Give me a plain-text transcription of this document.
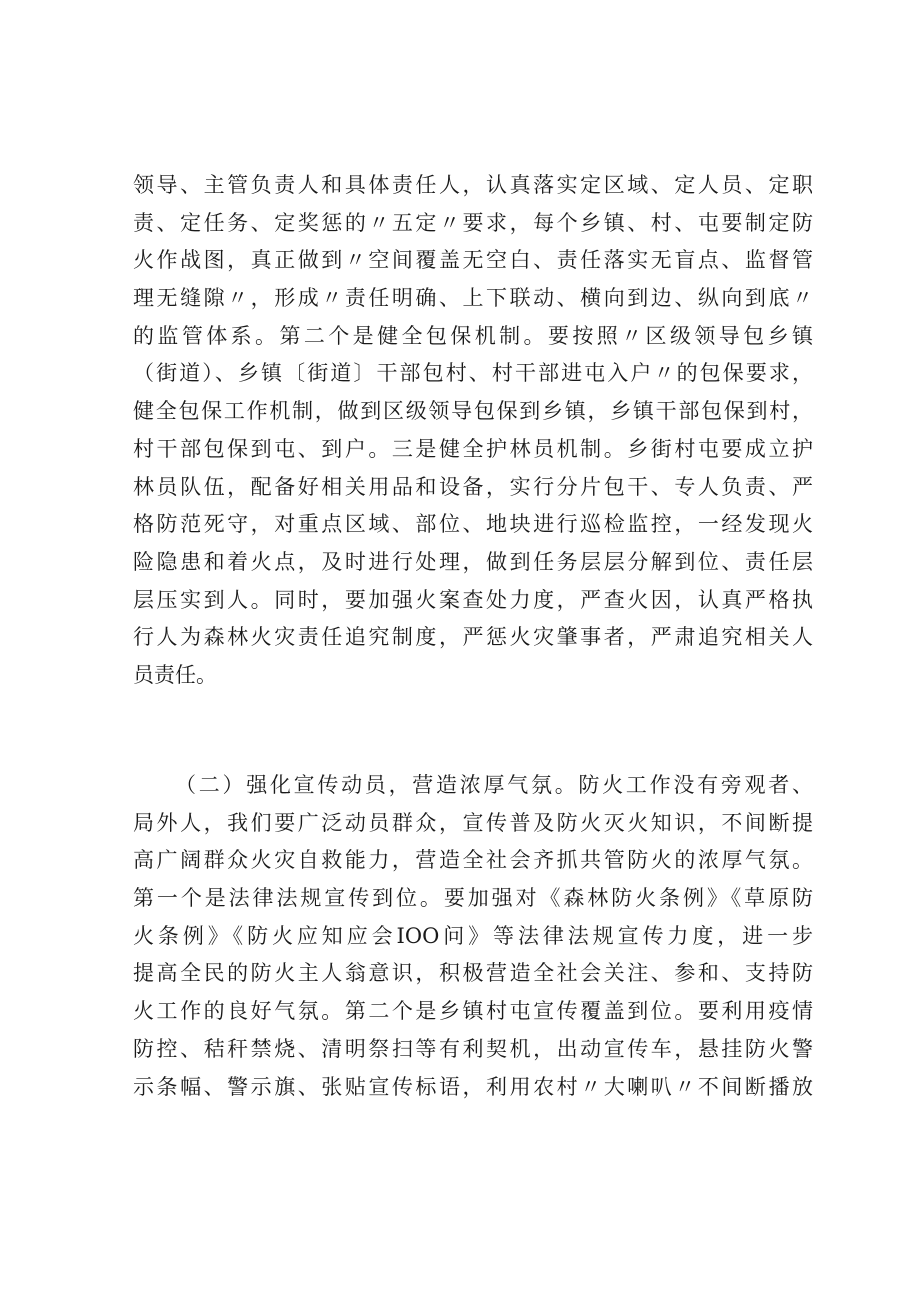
领导、主管负责人和具体责任人，认真落实定区域、定人员、定职
责、定任务、定奖惩的〃五定〃要求，每个乡镇、村、屯要制定防
火作战图，真正做到〃空间覆盖无空白、责任落实无盲点、监督管
理无缝隙〃，形成〃责任明确、上下联动、横向到边、纵向到底〃
的监管体系。第二个是健全包保机制。要按照〃区级领导包乡镇
（街道）、乡镇〔街道〕干部包村、村干部进屯入户〃的包保要求，
健全包保工作机制，做到区级领导包保到乡镇，乡镇干部包保到村，
村干部包保到屯、到户。三是健全护林员机制。乡街村屯要成立护
林员队伍，配备好相关用品和设备，实行分片包干、专人负责、严
格防范死守，对重点区域、部位、地块进行巡检监控，一经发现火
险隐患和着火点，及时进行处理，做到任务层层分解到位、责任层
层压实到人。同时，要加强火案查处力度，严查火因，认真严格执
行人为森林火灾责任追究制度，严惩火灾肇事者，严肃追究相关人
员责任。
（二）强化宣传动员，营造浓厚气氛。防火工作没有旁观者、
局外人，我们要广泛动员群众，宣传普及防火灭火知识，不间断提
高广阔群众火灾自救能力，营造全社会齐抓共管防火的浓厚气氛。
第一个是法律法规宣传到位。要加强对《森林防火条例》《草原防
火条例》《防火应知应会IOO问》等法律法规宣传力度，进一步
提高全民的防火主人翁意识，积极营造全社会关注、参和、支持防
火工作的良好气氛。第二个是乡镇村屯宣传覆盖到位。要利用疫情
防控、秸秆禁烧、清明祭扫等有利契机，出动宣传车，悬挂防火警
示条幅、警示旗、张贴宣传标语，利用农村〃大喇叭〃不间断播放
